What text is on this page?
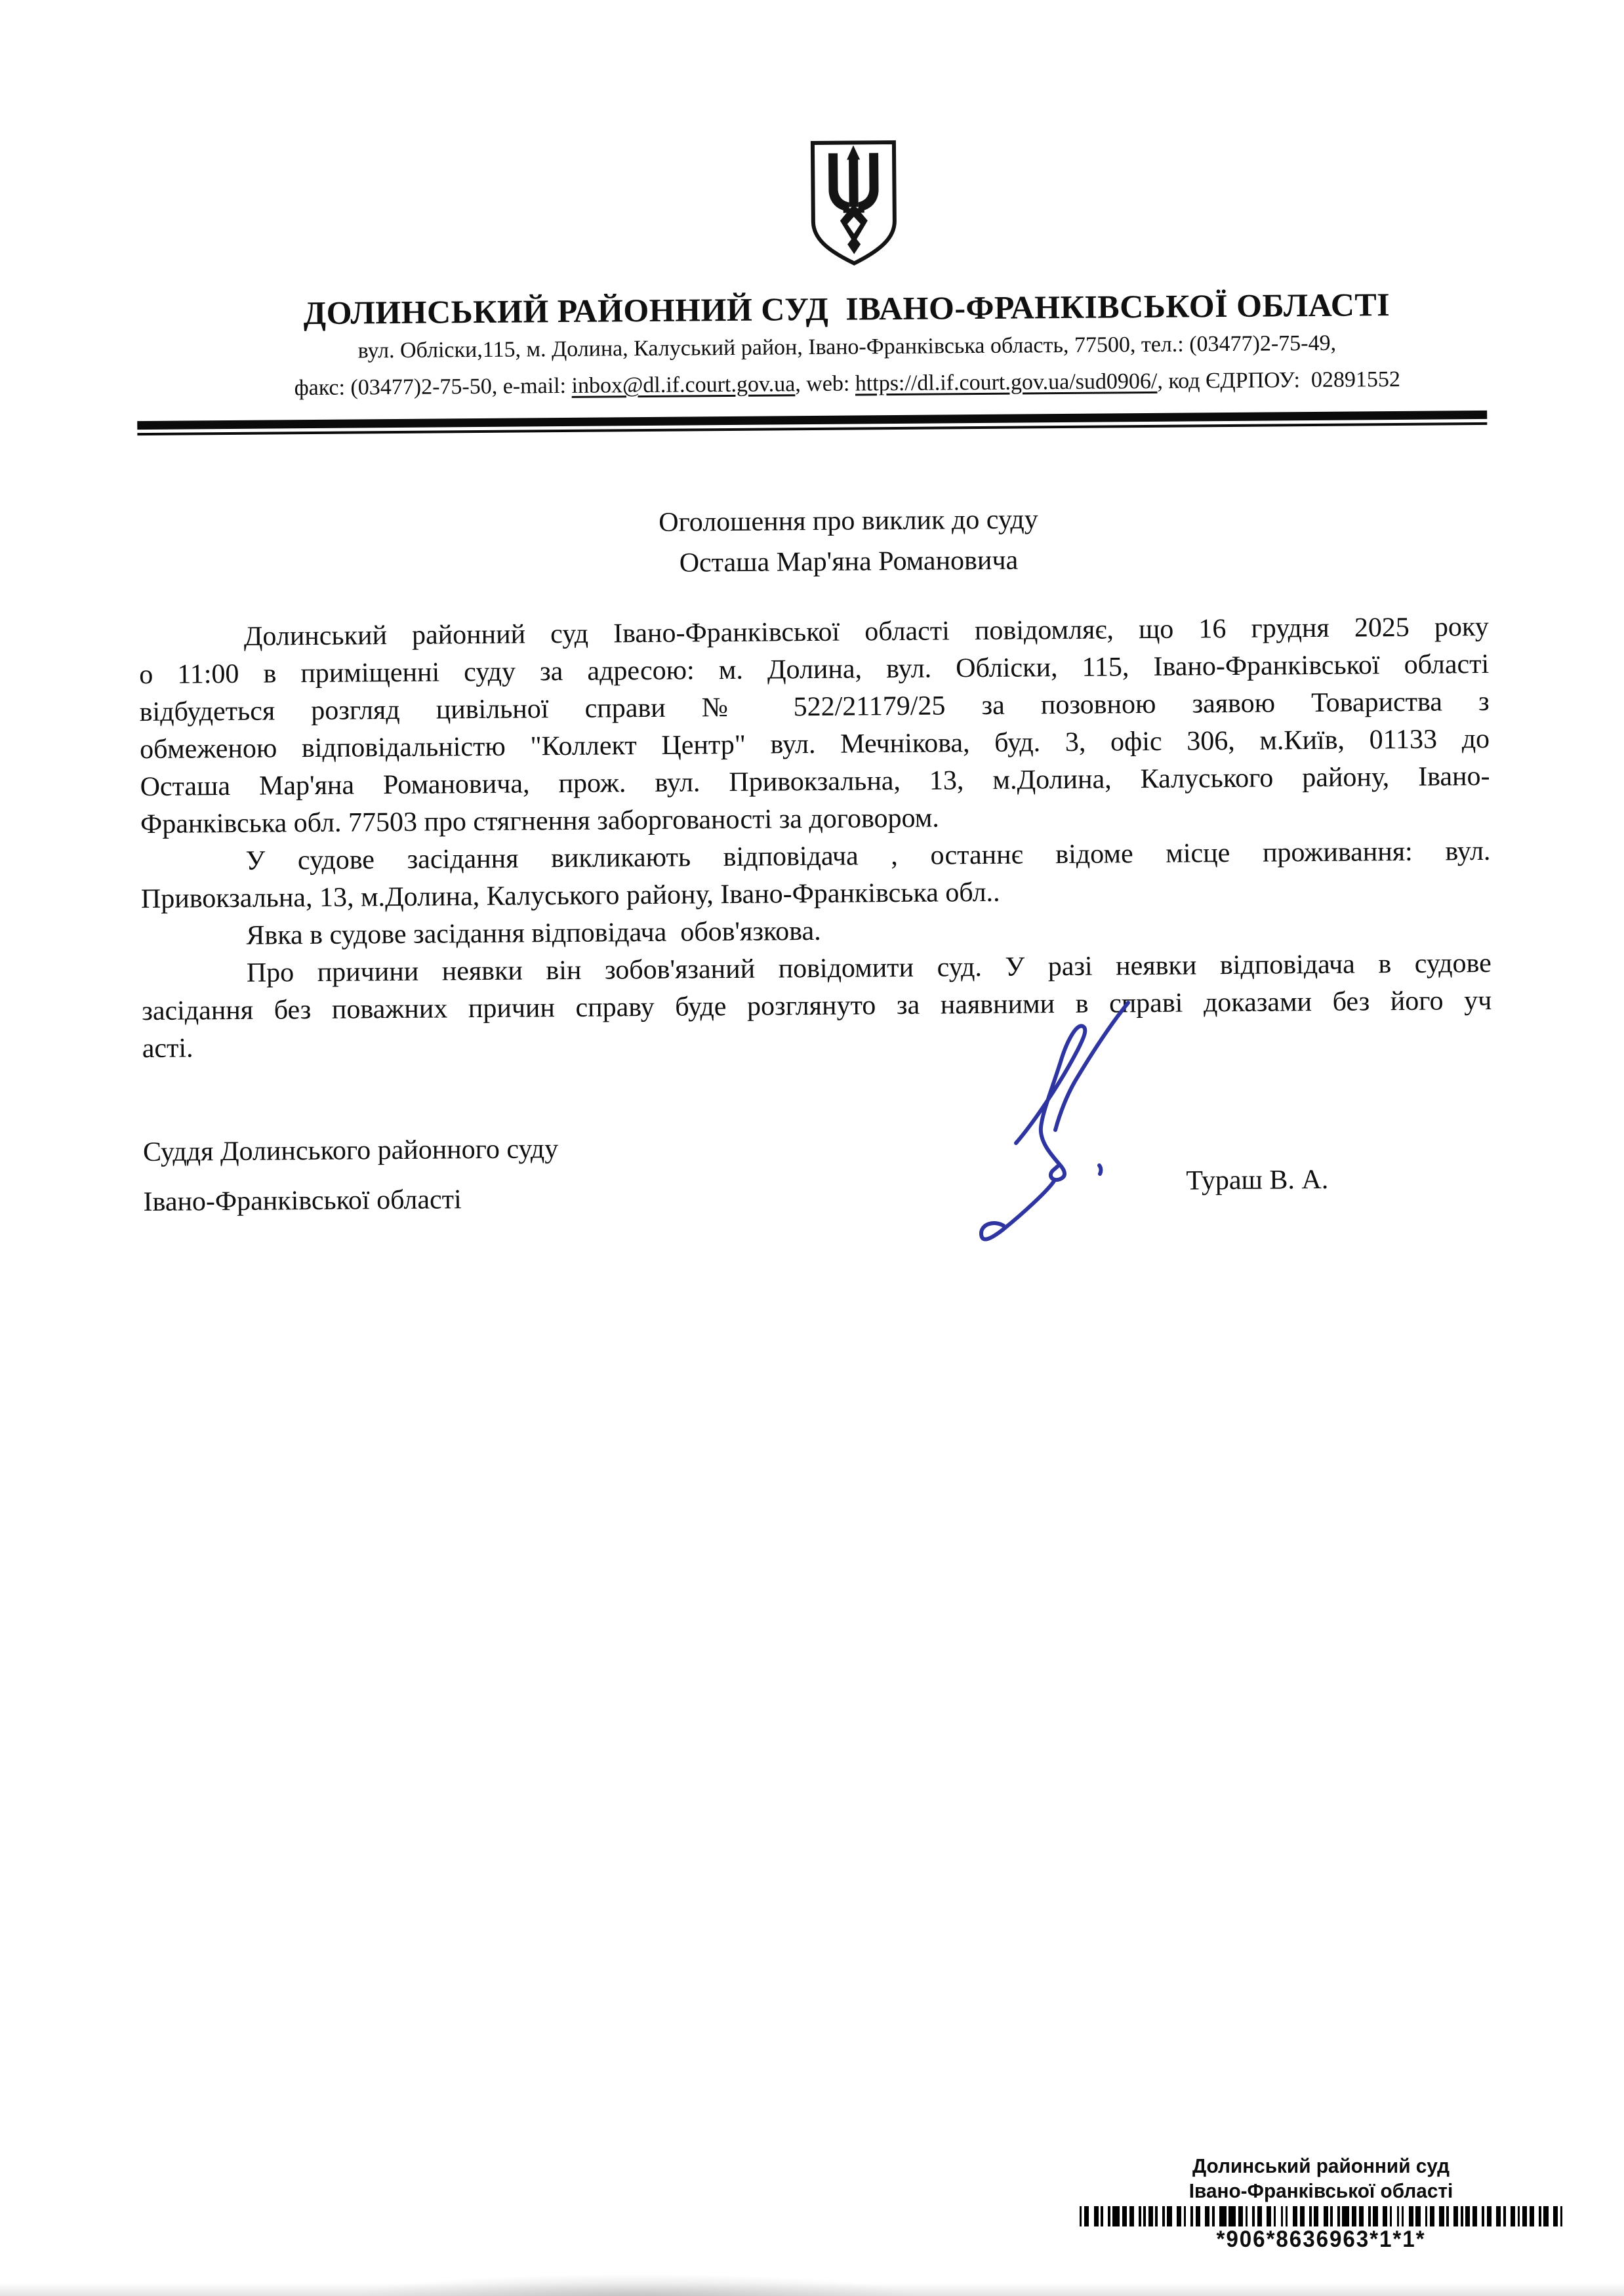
ДОЛИНСЬКИЙ РАЙОННИЙ СУД  ІВАНО-ФРАНКІВСЬКОЇ ОБЛАСТІ
вул. Обліски,115, м. Долина, Калуський район, Івано-Франківська область, 77500, тел.: (03477)2-75-49,
факс: (03477)2-75-50, e-mail: inbox@dl.if.court.gov.ua, web: https://dl.if.court.gov.ua/sud0906/, код ЄДРПОУ:  02891552
Оголошення про виклик до суду
Осташа Мар'яна Романовича
Долинський районний суд Івано-Франківської області повідомляє, що 16 грудня 2025 року
о 11:00 в приміщенні суду за адресою: м. Долина, вул. Обліски, 115, Івано-Франківської області
відбудеться розгляд цивільної справи № 522/21179/25 за позовною заявою Товариства з
обмеженою відповідальністю "Коллект Центр" вул. Мечнікова, буд. 3, офіс 306, м.Київ, 01133 до
Осташа Мар'яна Романовича, прож. вул. Привокзальна, 13, м.Долина, Калуського району, Івано-
Франківська обл. 77503 про стягнення заборгованості за договором.
У судове засідання викликають відповідача , останнє відоме місце проживання: вул.
Привокзальна, 13, м.Долина, Калуського району, Івано-Франківська обл..
Явка в судове засідання відповідача  обов'язкова.
Про причини неявки він зобов'язаний повідомити суд. У разі неявки відповідача в судове
засідання без поважних причин справу буде розглянуто за наявними в справі доказами без його уч
асті.
Суддя Долинського районного суду
Івано-Франківської області
Тураш В. А.
Долинський районний суд
Івано-Франківської області
*906*8636963*1*1*
